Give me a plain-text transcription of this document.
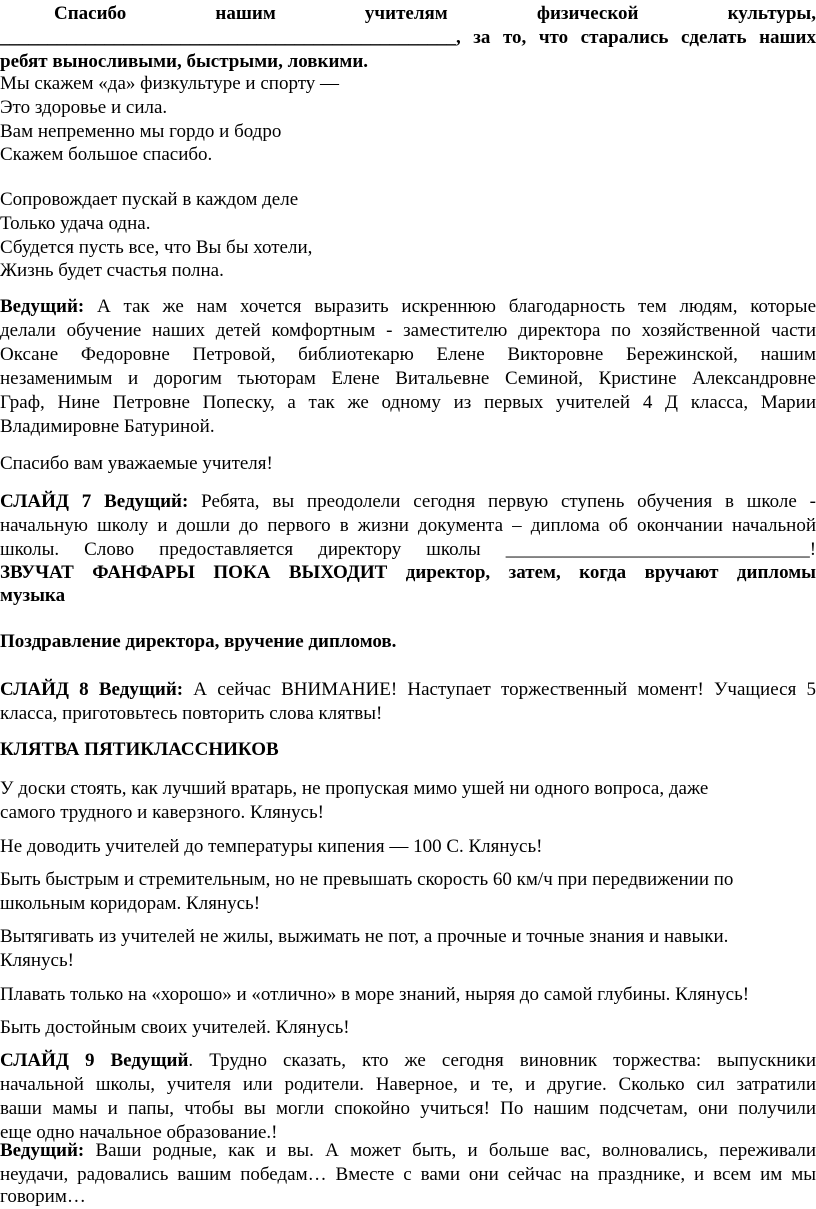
Спасибо нашим учителям физической культуры,
________________________________________________, за то, что старались сделать наших
ребят выносливыми, быстрыми, ловкими.
Мы скажем «да» физкультуре и спорту —
Это здоровье и сила.
Вам непременно мы гордо и бодро
Скажем большое спасибо.
Сопровождает пускай в каждом деле
Только удача одна.
Сбудется пусть все, что Вы бы хотели,
Жизнь будет счастья полна.
Ведущий: А так же нам хочется выразить искреннюю благодарность тем людям, которые
делали обучение наших детей комфортным - заместителю директора по хозяйственной части
Оксане Федоровне Петровой, библиотекарю Елене Викторовне Бережинской, нашим
незаменимым и дорогим тьюторам Елене Витальевне Семиной, Кристине Александровне
Граф, Нине Петровне Попеску, а так же одному из первых учителей 4 Д класса, Марии
Владимировне Батуриной.
Спасибо вам уважаемые учителя!
СЛАЙД 7 Ведущий: Ребята, вы преодолели сегодня первую ступень обучения в школе -
начальную школу и дошли до первого в жизни документа – диплома об окончании начальной
школы. Слово предоставляется директору школы ________________________________!
ЗВУЧАТ ФАНФАРЫ ПОКА ВЫХОДИТ директор, затем, когда вручают дипломы
музыка
Поздравление директора, вручение дипломов.
СЛАЙД 8 Ведущий: А сейчас ВНИМАНИЕ! Наступает торжественный момент! Учащиеся 5
класса, приготовьтесь повторить слова клятвы!
КЛЯТВА ПЯТИКЛАССНИКОВ
У доски стоять, как лучший вратарь, не пропуская мимо ушей ни одного вопроса, даже
самого трудного и каверзного. Клянусь!
Не доводить учителей до температуры кипения — 100 С. Клянусь!
Быть быстрым и стремительным, но не превышать скорость 60 км/ч при передвижении по
школьным коридорам. Клянусь!
Вытягивать из учителей не жилы, выжимать не пот, а прочные и точные знания и навыки.
Клянусь!
Плавать только на «хорошо» и «отлично» в море знаний, ныряя до самой глубины. Клянусь!
Быть достойным своих учителей. Клянусь!
СЛАЙД 9 Ведущий. Трудно сказать, кто же сегодня виновник торжества: выпускники
начальной школы, учителя или родители. Наверное, и те, и другие. Сколько сил затратили
ваши мамы и папы, чтобы вы могли спокойно учиться! По нашим подсчетам, они получили
еще одно начальное образование.!
Ведущий: Ваши родные, как и вы. А может быть, и больше вас, волновались, переживали
неудачи, радовались вашим победам… Вместе с вами они сейчас на празднике, и всем им мы
говорим…
